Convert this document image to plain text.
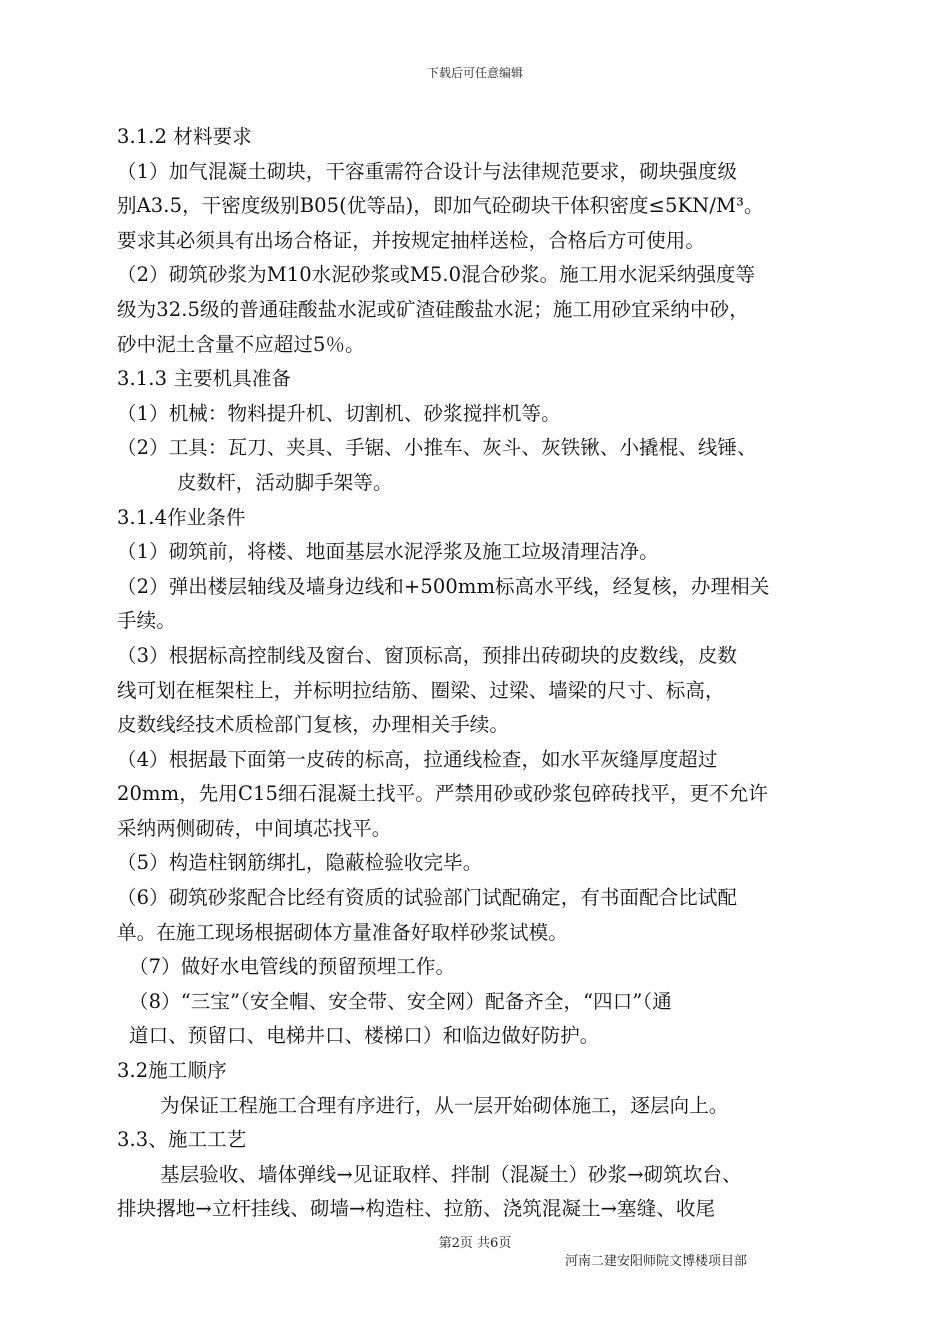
下载后可任意编辑
3.1.2 材料要求
（1）加气混凝土砌块，干容重需符合设计与法律规范要求，砌块强度级
别A3.5，干密度级别B05(优等品)，即加气砼砌块干体积密度≤5KN/M³。
要求其必须具有出场合格证，并按规定抽样送检，合格后方可使用。
（2）砌筑砂浆为M10水泥砂浆或M5.0混合砂浆。施工用水泥采纳强度等
级为32.5级的普通硅酸盐水泥或矿渣硅酸盐水泥；施工用砂宜采纳中砂，
砂中泥土含量不应超过5％。
3.1.3 主要机具准备
（1）机械：物料提升机、切割机、砂浆搅拌机等。
（2）工具：瓦刀、夹具、手锯、小推车、灰斗、灰铁锹、小撬棍、线锤、
皮数杆，活动脚手架等。
3.1.4作业条件
（1）砌筑前，将楼、地面基层水泥浮浆及施工垃圾清理洁净。
（2）弹出楼层轴线及墙身边线和+500mm标高水平线，经复核，办理相关
手续。
（3）根据标高控制线及窗台、窗顶标高，预排出砖砌块的皮数线，皮数
线可划在框架柱上，并标明拉结筋、圈梁、过梁、墙梁的尺寸、标高，
皮数线经技术质检部门复核，办理相关手续。
（4）根据最下面第一皮砖的标高，拉通线检查，如水平灰缝厚度超过
20mm，先用C15细石混凝土找平。严禁用砂或砂浆包碎砖找平，更不允许
采纳两侧砌砖，中间填芯找平。
（5）构造柱钢筋绑扎，隐蔽检验收完毕。
（6）砌筑砂浆配合比经有资质的试验部门试配确定，有书面配合比试配
单。在施工现场根据砌体方量准备好取样砂浆试模。
（7）做好水电管线的预留预埋工作。
（8）“三宝”（安全帽、安全带、安全网）配备齐全，“四口”（通
道口、预留口、电梯井口、楼梯口）和临边做好防护。
3.2施工顺序
为保证工程施工合理有序进行，从一层开始砌体施工，逐层向上。
3.3、施工工艺
基层验收、墙体弹线→见证取样、拌制（混凝土）砂浆→砌筑坎台、
排块撂地→立杆挂线、砌墙→构造柱、拉筋、浇筑混凝土→塞缝、收尾
第2页 共6页
河南二建安阳师院文博楼项目部
